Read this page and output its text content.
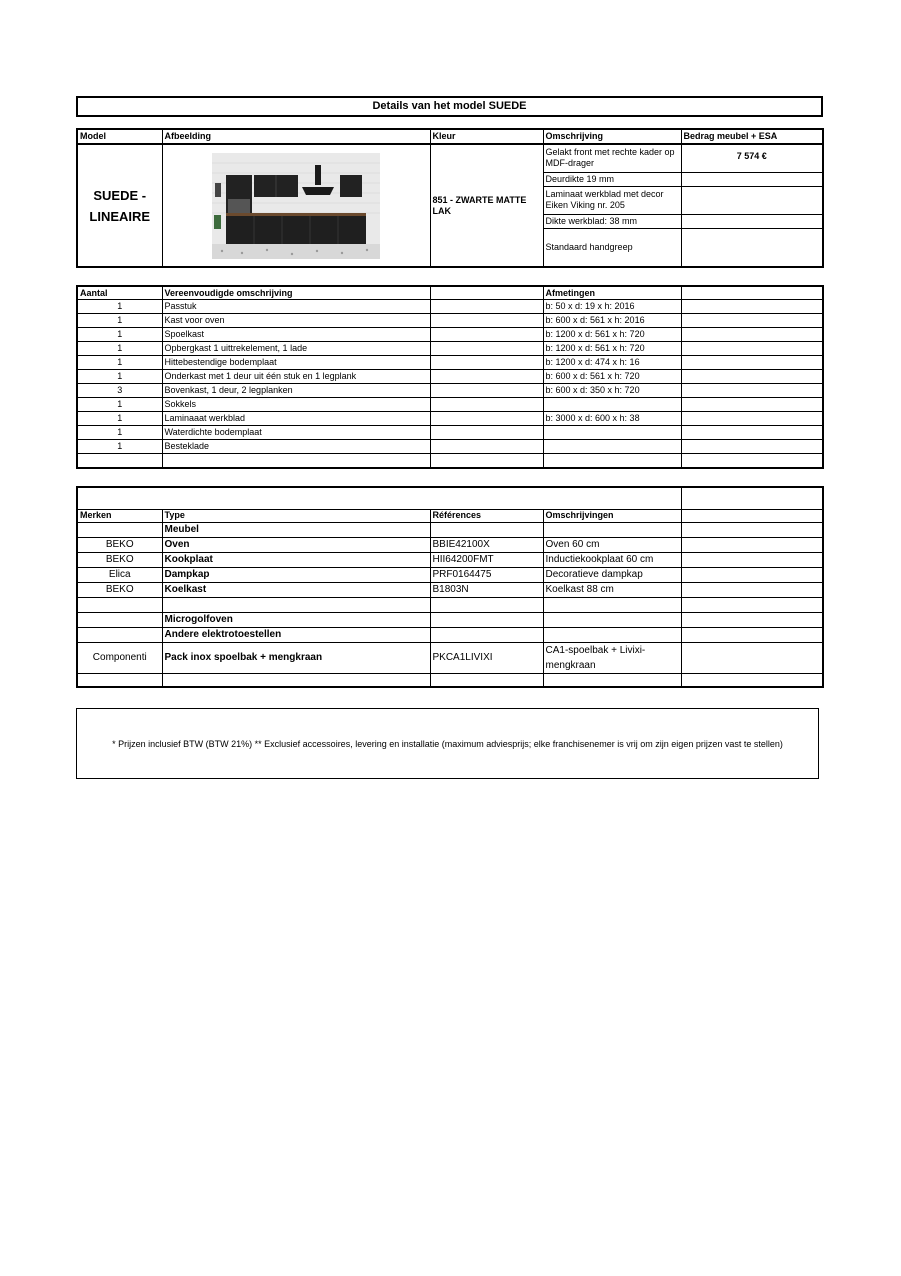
Details van het model SUEDE
Model	Afbeelding	Kleur	Omschrijving	Bedrag meubel + ESA

SUEDE -
LINEAIRE		851 - ZWARTE MATTE LAK	Gelakt front met rechte kader op MDF-drager	7 574 €
			Deurdikte 19 mm	
			Laminaat werkblad met decor Eiken Viking nr. 205	
			Dikte werkblad: 38 mm	
			Standaard handgreep	
Aantal	Vereenvoudigde omschrijving		Afmetingen	
1	Passtuk		b: 50 x d: 19 x h: 2016	
1	Kast voor oven		b: 600 x d: 561 x h: 2016	
1	Spoelkast		b: 1200 x d: 561 x h: 720	
1	Opbergkast 1 uittrekelement, 1 lade		b: 1200 x d: 561 x h: 720	
1	Hittebestendige bodemplaat		b: 1200 x d: 474 x h: 16	
1	Onderkast met 1 deur uit één stuk en 1 legplank		b: 600 x d: 561 x h: 720	
3	Bovenkast, 1 deur, 2 legplanken		b: 600 x d: 350 x h: 720	
1	Sokkels			
1	Laminaaat werkblad		b: 3000 x d: 600 x h: 38	
1	Waterdichte bodemplaat			
1	Besteklade			

Merken	Type	Références	Omschrijvingen	
	Meubel			
BEKO	Oven	BBIE42100X	Oven 60 cm	
BEKO	Kookplaat	HII64200FMT	Inductiekookplaat 60 cm	
Elica	Dampkap	PRF0164475	Decoratieve dampkap	
BEKO	Koelkast	B1803N	Koelkast 88 cm	

	Microgolfoven			
	Andere elektrotoestellen			
Componenti	Pack inox spoelbak + mengkraan	PKCA1LIVIXI	CA1-spoelbak + Livixi-
mengkraan	

* Prijzen inclusief BTW (BTW 21%) ** Exclusief accessoires, levering en installatie (maximum adviesprijs; elke franchisenemer is vrij om zijn eigen prijzen vast te stellen)
